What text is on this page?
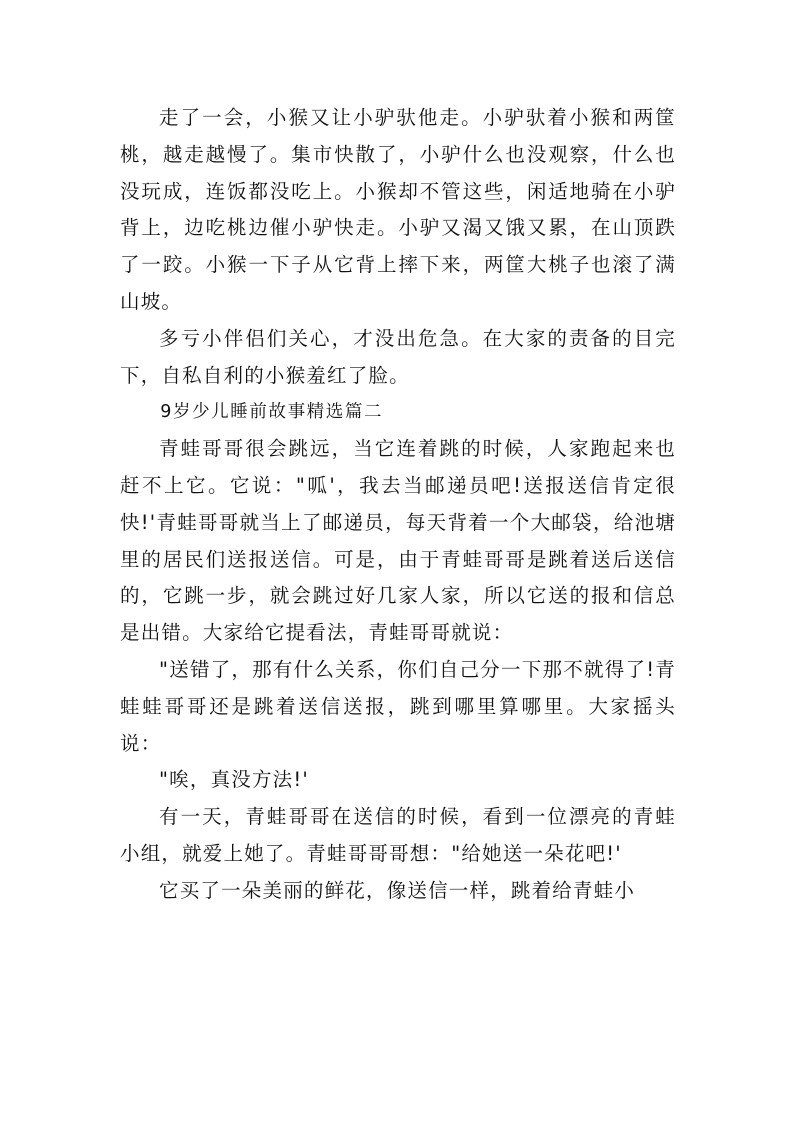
走了一会，小猴又让小驴驮他走。小驴驮着小猴和两筐桃，越走越慢了。集市快散了，小驴什么也没观察，什么也没玩成，连饭都没吃上。小猴却不管这些，闲适地骑在小驴背上，边吃桃边催小驴快走。小驴又渴又饿又累，在山顶跌了一跤。小猴一下子从它背上摔下来，两筐大桃子也滚了满山坡。

多亏小伴侣们关心，才没出危急。在大家的责备的目完下，自私自利的小猴羞红了脸。

9岁少儿睡前故事精选篇二

青蛙哥哥很会跳远，当它连着跳的时候，人家跑起来也赶不上它。它说："呱'，我去当邮递员吧!送报送信肯定很快!'青蛙哥哥就当上了邮递员，每天背着一个大邮袋，给池塘里的居民们送报送信。可是，由于青蛙哥哥是跳着送后送信的，它跳一步，就会跳过好几家人家，所以它送的报和信总是出错。大家给它提看法，青蛙哥哥就说：

"送错了，那有什么关系，你们自己分一下那不就得了!青蛙蛙哥哥还是跳着送信送报，跳到哪里算哪里。大家摇头说：

"唉，真没方法!'

有一天，青蛙哥哥在送信的时候，看到一位漂亮的青蛙小组，就爱上她了。青蛙哥哥哥想："给她送一朵花吧!'

它买了一朵美丽的鲜花，像送信一样，跳着给青蛙小
